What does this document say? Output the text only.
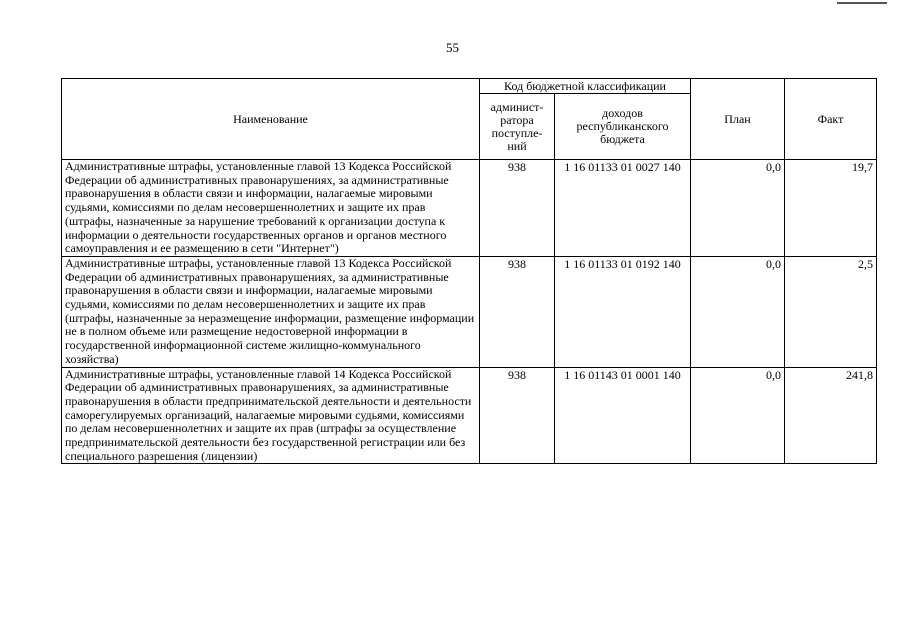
55
Наименование	Код бюджетной классификации		План	Факт
	админист-
ратора
поступле-
ний	доходов
республиканского
бюджета		
Административные штрафы, установленные главой 13 Кодекса Российской Федерации об административных правонарушениях, за административные правонарушения в области связи и информации, налагаемые мировыми судьями, комиссиями по делам несовершеннолетних и защите их прав (штрафы, назначенные за нарушение требований к организации доступа к информации о деятельности государственных органов и органов местного самоуправления и ее размещению в сети "Интернет")	938	1 16 01133 01 0027 140	0,0	19,7
Административные штрафы, установленные главой 13 Кодекса Российской Федерации об административных правонарушениях, за административные правонарушения в области связи и информации, налагаемые мировыми судьями, комиссиями по делам несовершеннолетних и защите их прав (штрафы, назначенные за неразмещение информации, размещение информации не в полном объеме или размещение недостоверной информации в государственной информационной системе жилищно-коммунального хозяйства)	938	1 16 01133 01 0192 140	0,0	2,5
Административные штрафы, установленные главой 14 Кодекса Российской Федерации об административных правонарушениях, за административные правонарушения в области предпринимательской деятельности и деятельности саморегулируемых организаций, налагаемые мировыми судьями, комиссиями по делам несовершеннолетних и защите их прав (штрафы за осуществление предпринимательской деятельности без государственной регистрации или без специального разрешения (лицензии)	938	1 16 01143 01 0001 140	0,0	241,8
